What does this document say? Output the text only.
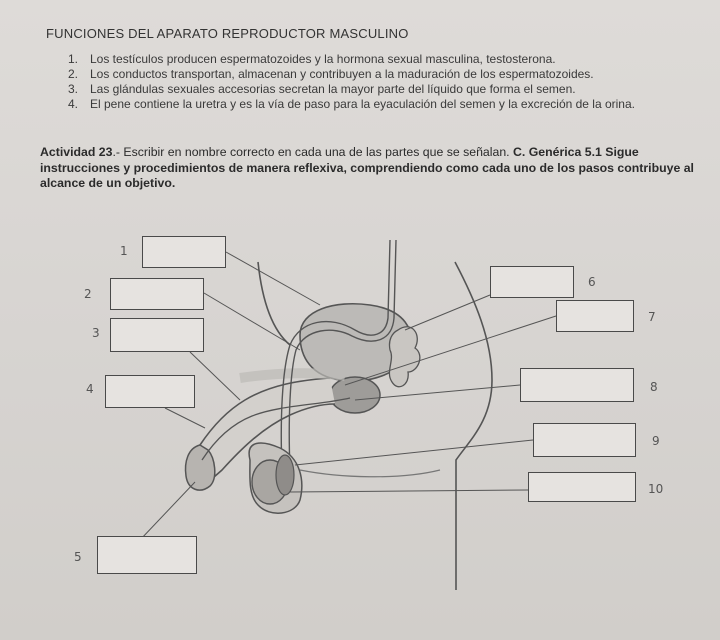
FUNCIONES DEL APARATO REPRODUCTOR MASCULINO
1. Los testículos producen espermatozoides y la hormona sexual masculina, testosterona.
2. Los conductos transportan, almacenan y contribuyen a la maduración de los espermatozoides.
3. Las glándulas sexuales accesorias secretan la mayor parte del líquido que forma el semen.
4. El pene contiene la uretra y es la vía de paso para la eyaculación del semen y la excreción de la orina.
Actividad 23.- Escribir en nombre correcto en cada una de las partes que se señalan. C. Genérica 5.1 Sigue instrucciones y procedimientos de manera reflexiva, comprendiendo como cada uno de los pasos contribuye al alcance de un objetivo.
1
2
3
4
5
6
7
8
9
10
